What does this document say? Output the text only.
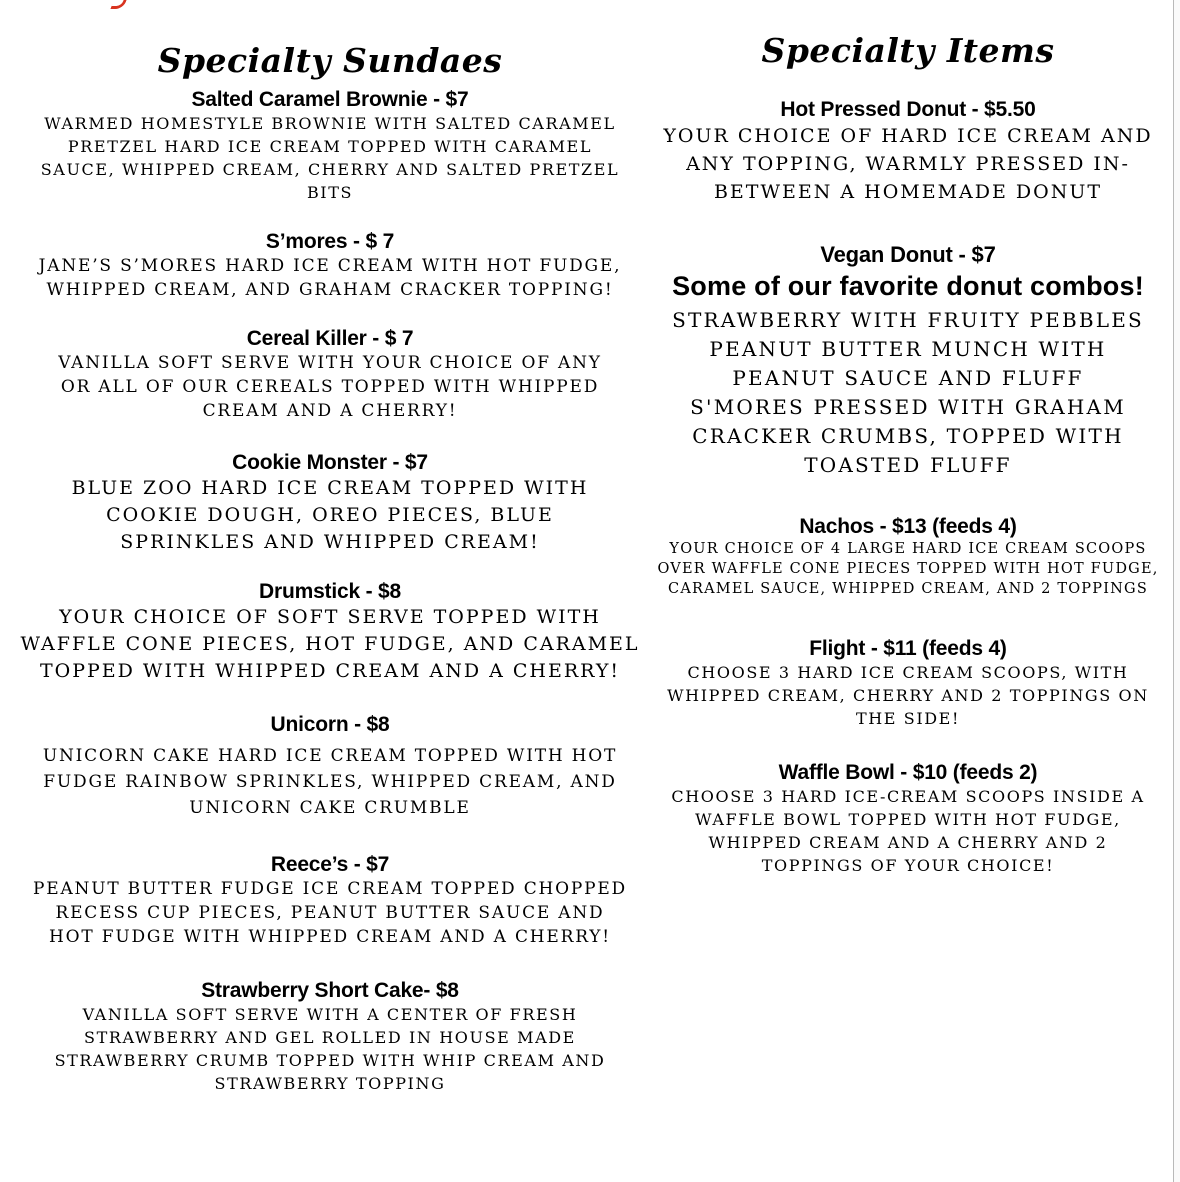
Specialty Sundaes
Salted Caramel Brownie - $7
WARMED HOMESTYLE BROWNIE WITH SALTED CARAMEL PRETZEL HARD ICE CREAM TOPPED WITH CARAMEL SAUCE, WHIPPED CREAM, CHERRY AND SALTED PRETZEL BITS
S’mores - $ 7
JANE’S S’MORES HARD ICE CREAM WITH HOT FUDGE, WHIPPED CREAM, AND GRAHAM CRACKER TOPPING!
Cereal Killer - $ 7
VANILLA SOFT SERVE WITH YOUR CHOICE OF ANY OR ALL OF OUR CEREALS TOPPED WITH WHIPPED CREAM AND A CHERRY!
Cookie Monster - $7
BLUE ZOO HARD ICE CREAM TOPPED WITH COOKIE DOUGH, OREO PIECES, BLUE SPRINKLES AND WHIPPED CREAM!
Drumstick - $8
YOUR CHOICE OF SOFT SERVE TOPPED WITH WAFFLE CONE PIECES, HOT FUDGE, AND CARAMEL TOPPED WITH WHIPPED CREAM AND A CHERRY!
Unicorn - $8
UNICORN CAKE HARD ICE CREAM TOPPED WITH HOT FUDGE RAINBOW SPRINKLES, WHIPPED CREAM, AND UNICORN CAKE CRUMBLE
Reece’s - $7
PEANUT BUTTER FUDGE ICE CREAM TOPPED CHOPPED RECESS CUP PIECES, PEANUT BUTTER SAUCE AND HOT FUDGE WITH WHIPPED CREAM AND A CHERRY!
Strawberry Short Cake- $8
VANILLA SOFT SERVE WITH A CENTER OF FRESH STRAWBERRY AND GEL ROLLED IN HOUSE MADE STRAWBERRY CRUMB TOPPED WITH WHIP CREAM AND STRAWBERRY TOPPING
Specialty Items
Hot Pressed Donut - $5.50
YOUR CHOICE OF HARD ICE CREAM AND ANY TOPPING, WARMLY PRESSED IN-BETWEEN A HOMEMADE DONUT
Vegan Donut - $7
Some of our favorite donut combos!
STRAWBERRY WITH FRUITY PEBBLES
PEANUT BUTTER MUNCH WITH
PEANUT SAUCE AND FLUFF
S'MORES PRESSED WITH GRAHAM
CRACKER CRUMBS, TOPPED WITH
TOASTED FLUFF
Nachos - $13 (feeds 4)
YOUR CHOICE OF 4 LARGE HARD ICE CREAM SCOOPS OVER WAFFLE CONE PIECES TOPPED WITH HOT FUDGE, CARAMEL SAUCE, WHIPPED CREAM, AND 2 TOPPINGS
Flight - $11 (feeds 4)
CHOOSE 3 HARD ICE CREAM SCOOPS, WITH WHIPPED CREAM, CHERRY AND 2 TOPPINGS ON THE SIDE!
Waffle Bowl - $10 (feeds 2)
CHOOSE 3 HARD ICE-CREAM SCOOPS INSIDE A WAFFLE BOWL TOPPED WITH HOT FUDGE, WHIPPED CREAM AND A CHERRY AND 2 TOPPINGS OF YOUR CHOICE!
